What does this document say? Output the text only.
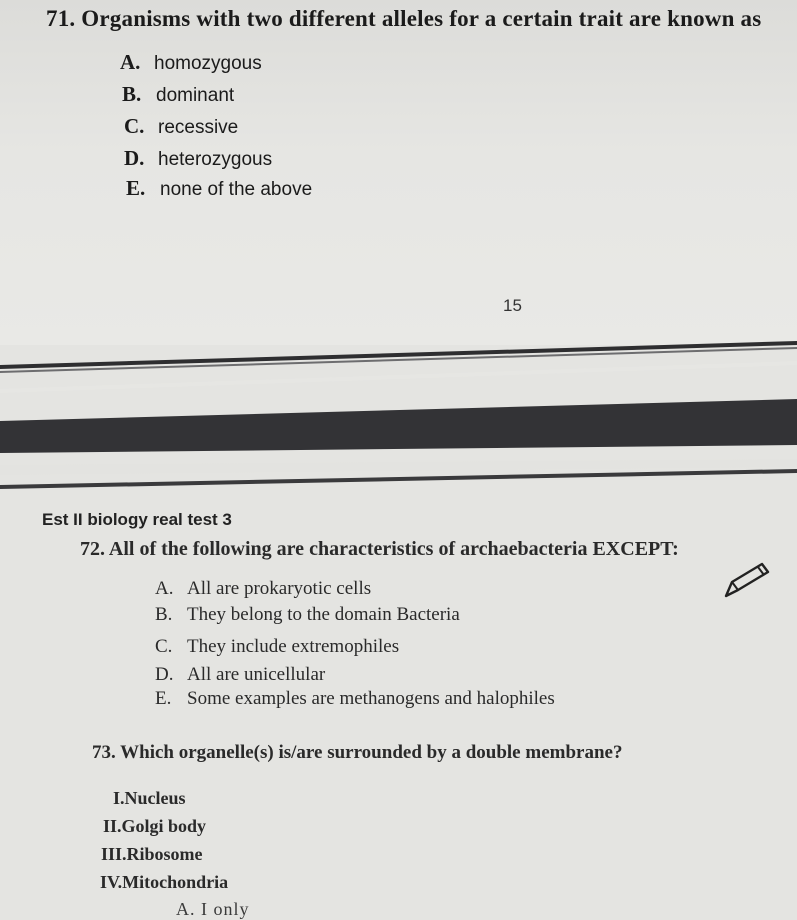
71. Organisms with two different alleles for a certain trait are known as
A. homozygous
B. dominant
C. recessive
D. heterozygous
E. none of the above
15
Est II biology real test 3
72. All of the following are characteristics of archaebacteria EXCEPT:
A. All are prokaryotic cells
B. They belong to the domain Bacteria
C. They include extremophiles
D. All are unicellular
E. Some examples are methanogens and halophiles
73. Which organelle(s) is/are surrounded by a double membrane?
I.Nucleus
II.Golgi body
III.Ribosome
IV.Mitochondria
A. I only
